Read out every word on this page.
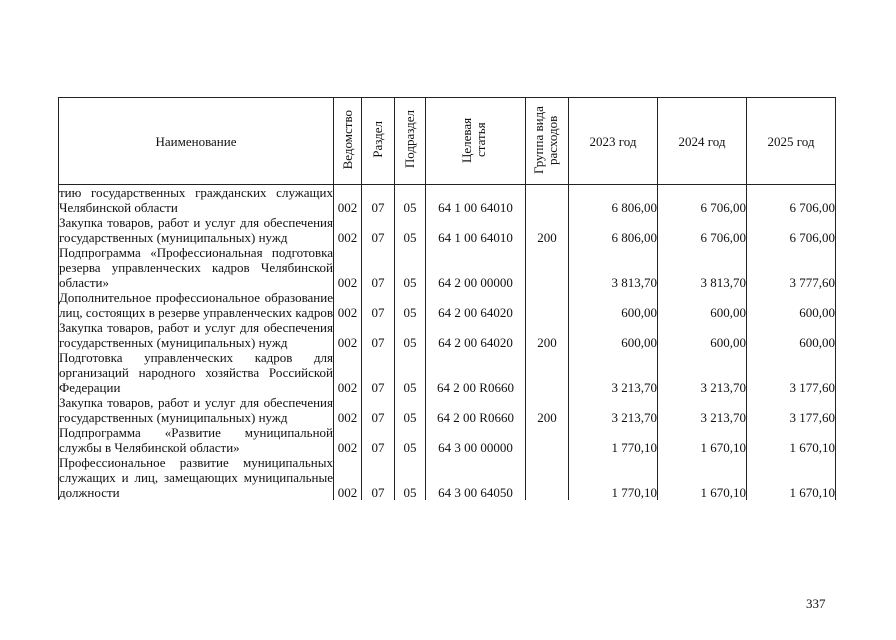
Наименование	Ведомство	Раздел	Подраздел	Целевая статья	Группа вида расходов	2023 год	2024 год	2025 год
тию государственных гражданских служащих Челябинской области	002	07	05	64 1 00 64010		6 806,00	6 706,00	6 706,00
Закупка товаров, работ и услуг для обеспечения государственных (муниципальных) нужд	002	07	05	64 1 00 64010	200	6 806,00	6 706,00	6 706,00
Подпрограмма «Профессиональная подготовка резерва управленческих кадров Челябинской области»	002	07	05	64 2 00 00000		3 813,70	3 813,70	3 777,60
Дополнительное профессиональное образование лиц, состоящих в резерве управленческих кадров	002	07	05	64 2 00 64020		600,00	600,00	600,00
Закупка товаров, работ и услуг для обеспечения государственных (муниципальных) нужд	002	07	05	64 2 00 64020	200	600,00	600,00	600,00
Подготовка управленческих кадров для организаций народного хозяйства Российской Федерации	002	07	05	64 2 00 R0660		3 213,70	3 213,70	3 177,60
Закупка товаров, работ и услуг для обеспечения государственных (муниципальных) нужд	002	07	05	64 2 00 R0660	200	3 213,70	3 213,70	3 177,60
Подпрограмма «Развитие муниципальной службы в Челябинской области»	002	07	05	64 3 00 00000		1 770,10	1 670,10	1 670,10
Профессиональное развитие муниципальных служащих и лиц, замещающих муниципальные должности	002	07	05	64 3 00 64050		1 770,10	1 670,10	1 670,10
337
